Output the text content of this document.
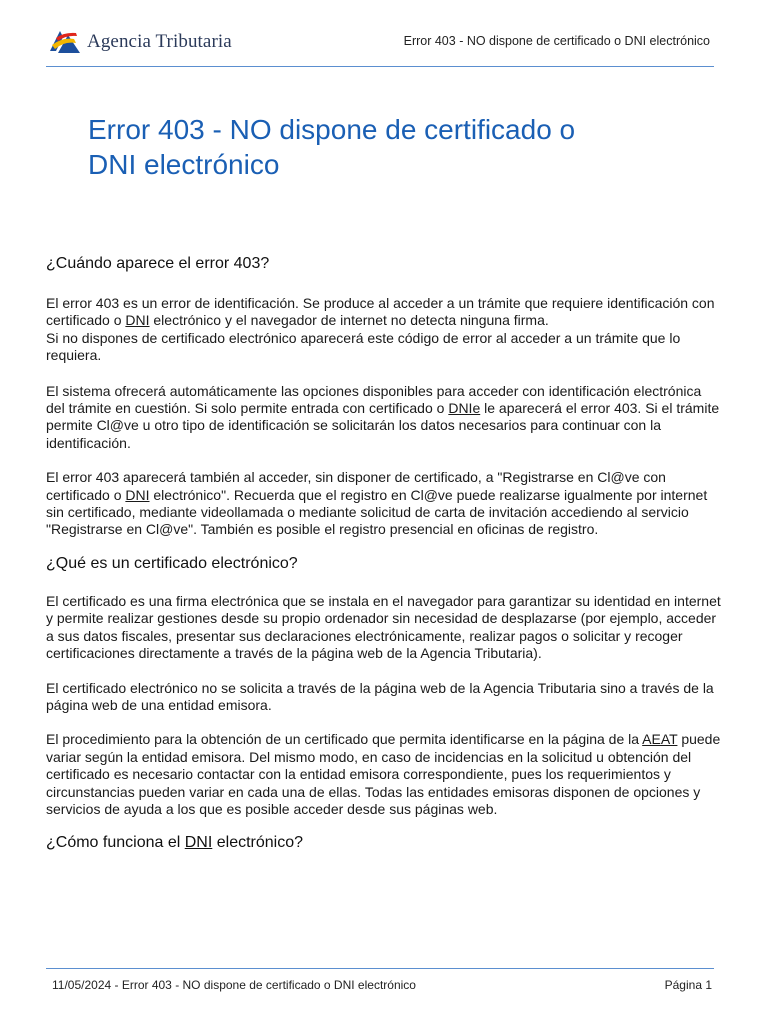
Agencia Tributaria	Error 403 - NO dispone de certificado o DNI electrónico
Error 403 - NO dispone de certificado o
DNI electrónico
¿Cuándo aparece el error 403?

El error 403 es un error de identificación. Se produce al acceder a un trámite que requiere identificación con certificado o DNI electrónico y el navegador de internet no detecta ninguna firma.
Si no dispones de certificado electrónico aparecerá este código de error al acceder a un trámite que lo requiera.

El sistema ofrecerá automáticamente las opciones disponibles para acceder con identificación electrónica del trámite en cuestión. Si solo permite entrada con certificado o DNIe le aparecerá el error 403. Si el trámite permite Cl@ve u otro tipo de identificación se solicitarán los datos necesarios para continuar con la identificación.

El error 403 aparecerá también al acceder, sin disponer de certificado, a "Registrarse en Cl@ve con certificado o DNI electrónico". Recuerda que el registro en Cl@ve puede realizarse igualmente por internet sin certificado, mediante videollamada o mediante solicitud de carta de invitación accediendo al servicio "Registrarse en Cl@ve". También es posible el registro presencial en oficinas de registro.

¿Qué es un certificado electrónico?

El certificado es una firma electrónica que se instala en el navegador para garantizar su identidad en internet y permite realizar gestiones desde su propio ordenador sin necesidad de desplazarse (por ejemplo, acceder a sus datos fiscales, presentar sus declaraciones electrónicamente, realizar pagos o solicitar y recoger certificaciones directamente a través de la página web de la Agencia Tributaria).

El certificado electrónico no se solicita a través de la página web de la Agencia Tributaria sino a través de la página web de una entidad emisora.

El procedimiento para la obtención de un certificado que permita identificarse en la página de la AEAT puede variar según la entidad emisora. Del mismo modo, en caso de incidencias en la solicitud u obtención del certificado es necesario contactar con la entidad emisora correspondiente, pues los requerimientos y circunstancias pueden variar en cada una de ellas. Todas las entidades emisoras disponen de opciones y servicios de ayuda a los que es posible acceder desde sus páginas web.

¿Cómo funciona el DNI electrónico?
11/05/2024 - Error 403 - NO dispone de certificado o DNI electrónico	Página 1
